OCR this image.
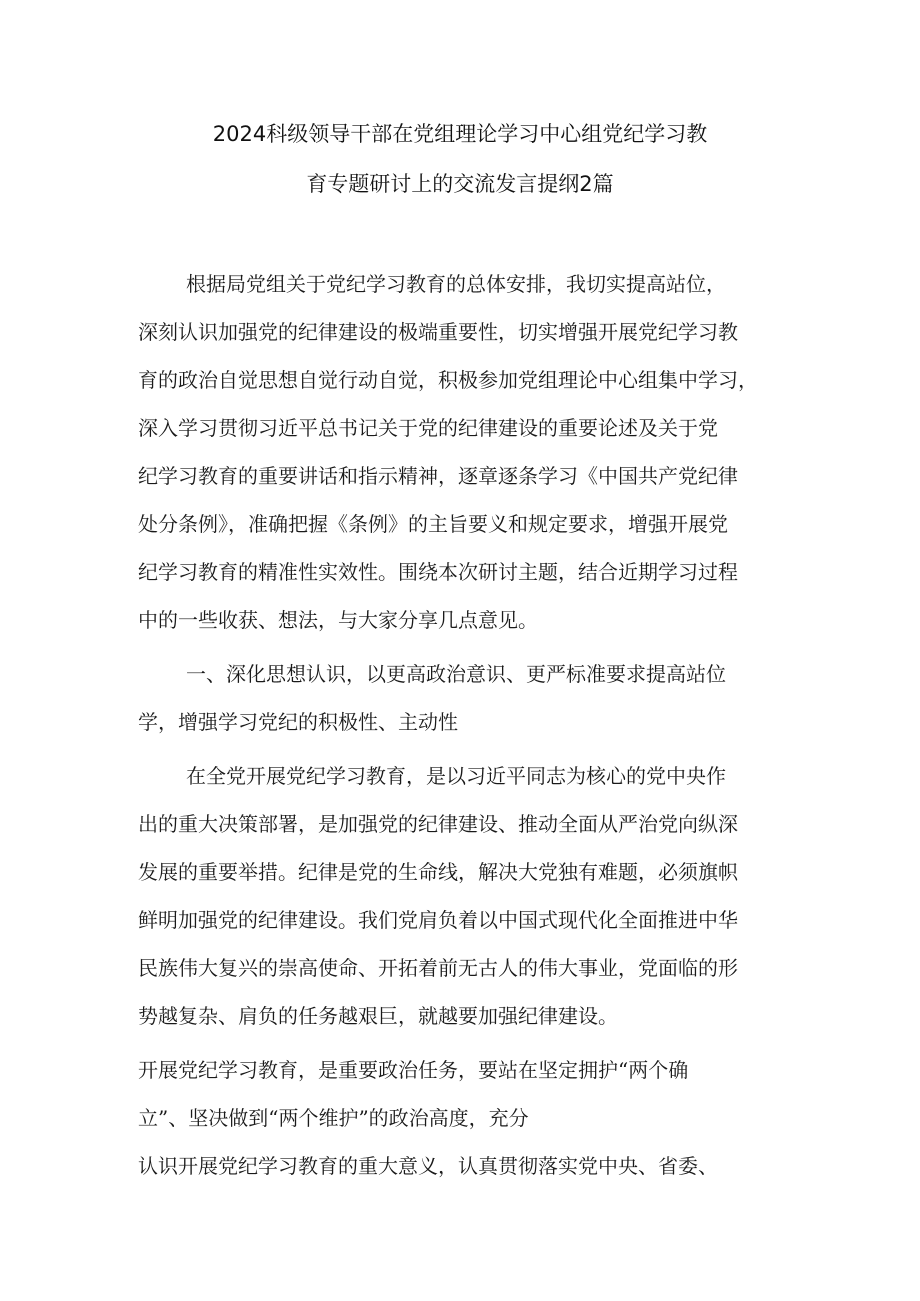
2024科级领导干部在党组理论学习中心组党纪学习教
育专题研讨上的交流发言提纲2篇
根据局党组关于党纪学习教育的总体安排，我切实提高站位，
深刻认识加强党的纪律建设的极端重要性，切实增强开展党纪学习教
育的政治自觉思想自觉行动自觉，积极参加党组理论中心组集中学习，
深入学习贯彻习近平总书记关于党的纪律建设的重要论述及关于党
纪学习教育的重要讲话和指示精神，逐章逐条学习《中国共产党纪律
处分条例》，准确把握《条例》的主旨要义和规定要求，增强开展党
纪学习教育的精准性实效性。围绕本次研讨主题，结合近期学习过程
中的一些收获、想法，与大家分享几点意见。
一、深化思想认识，以更高政治意识、更严标准要求提高站位
学，增强学习党纪的积极性、主动性
在全党开展党纪学习教育，是以习近平同志为核心的党中央作
出的重大决策部署，是加强党的纪律建设、推动全面从严治党向纵深
发展的重要举措。纪律是党的生命线，解决大党独有难题，必须旗帜
鲜明加强党的纪律建设。我们党肩负着以中国式现代化全面推进中华
民族伟大复兴的崇高使命、开拓着前无古人的伟大事业，党面临的形
势越复杂、肩负的任务越艰巨，就越要加强纪律建设。
开展党纪学习教育，是重要政治任务，要站在坚定拥护“两个确
立”、坚决做到“两个维护”的政治高度，充分
认识开展党纪学习教育的重大意义，认真贯彻落实党中央、省委、
